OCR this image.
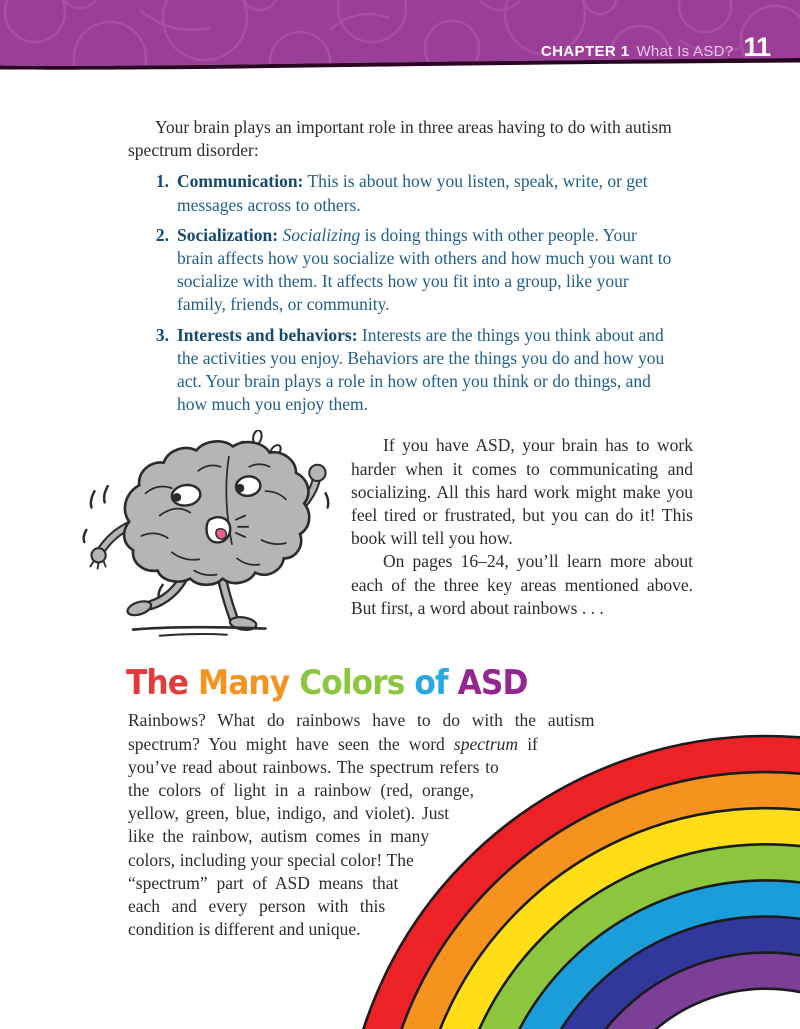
CHAPTER 1 What Is ASD? 11

Your brain plays an important role in three areas having to do with autism spectrum disorder:

1. Communication: This is about how you listen, speak, write, or get messages across to others.
2. Socialization: Socializing is doing things with other people. Your brain affects how you socialize with others and how much you want to socialize with them. It affects how you fit into a group, like your family, friends, or community.
3. Interests and behaviors: Interests are the things you think about and the activities you enjoy. Behaviors are the things you do and how you act. Your brain plays a role in how often you think or do things, and how much you enjoy them.

If you have ASD, your brain has to work harder when it comes to communicating and socializing. All this hard work might make you feel tired or frustrated, but you can do it! This book will tell you how.

On pages 16–24, you’ll learn more about each of the three key areas mentioned above. But first, a word about rainbows . . .

The Many Colors of ASD

Rainbows? What do rainbows have to do with the autism spectrum? You might have seen the word spectrum if you’ve read about rainbows. The spectrum refers to the colors of light in a rainbow (red, orange, yellow, green, blue, indigo, and violet). Just like the rainbow, autism comes in many colors, including your special color! The “spectrum” part of ASD means that each and every person with this condition is different and unique.
